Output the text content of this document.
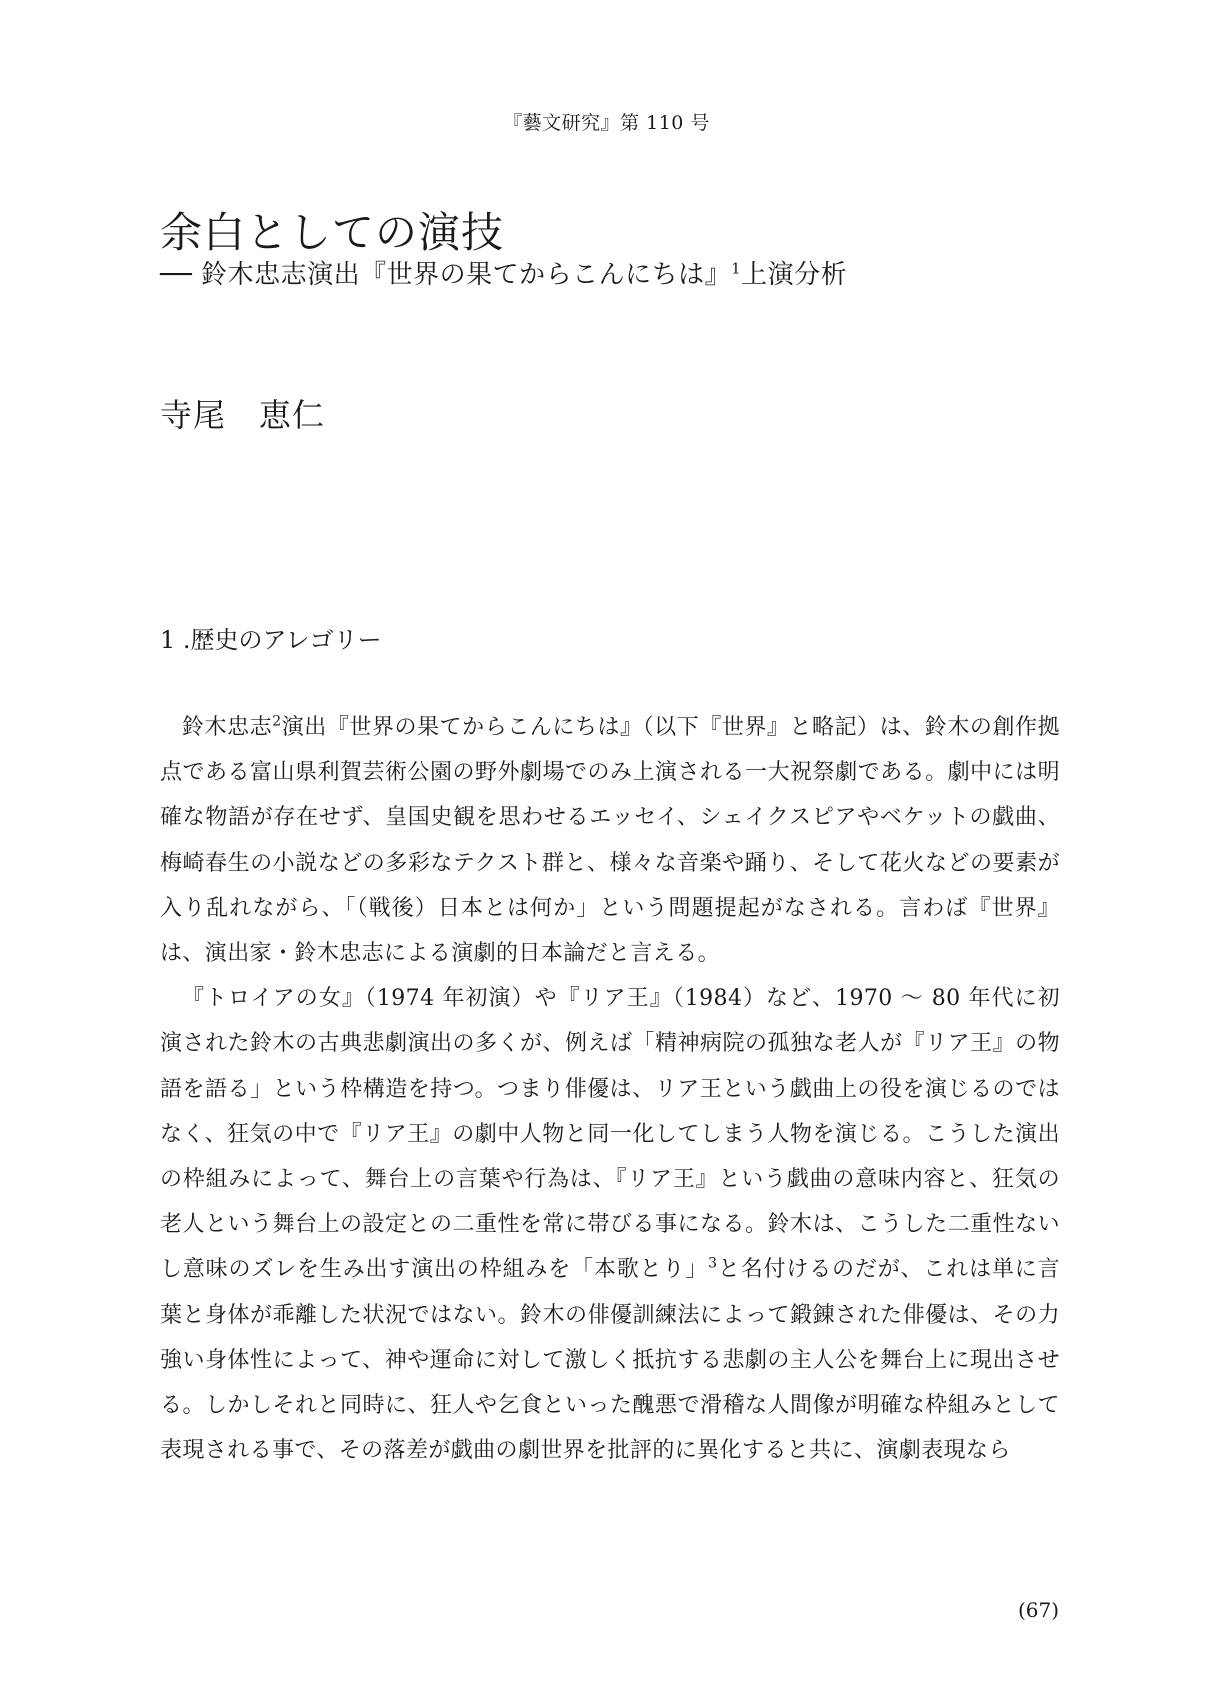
『藝文研究』第 110 号
余白としての演技
── 鈴木忠志演出『世界の果てからこんにちは』$^1$上演分析
寺尾　恵仁
1 .歴史のアレゴリー

鈴木忠志$^2$演出『世界の果てからこんにちは』（以下『世界』と略記）は、鈴木の創作拠点である富山県利賀芸術公園の野外劇場でのみ上演される一大祝祭劇である。劇中には明確な物語が存在せず、皇国史観を思わせるエッセイ、シェイクスピアやベケットの戯曲、梅崎春生の小説などの多彩なテクスト群と、様々な音楽や踊り、そして花火などの要素が入り乱れながら、「（戦後）日本とは何か」という問題提起がなされる。言わば『世界』は、演出家・鈴木忠志による演劇的日本論だと言える。

『トロイアの女』（1974 年初演）や『リア王』（1984）など、1970 ～ 80 年代に初演された鈴木の古典悲劇演出の多くが、例えば「精神病院の孤独な老人が『リア王』の物語を語る」という枠構造を持つ。つまり俳優は、リア王という戯曲上の役を演じるのではなく、狂気の中で『リア王』の劇中人物と同一化してしまう人物を演じる。こうした演出の枠組みによって、舞台上の言葉や行為は、『リア王』という戯曲の意味内容と、狂気の老人という舞台上の設定との二重性を常に帯びる事になる。鈴木は、こうした二重性ないし意味のズレを生み出す演出の枠組みを「本歌とり」$^3$と名付けるのだが、これは単に言葉と身体が乖離した状況ではない。鈴木の俳優訓練法によって鍛錬された俳優は、その力強い身体性によって、神や運命に対して激しく抵抗する悲劇の主人公を舞台上に現出させる。しかしそれと同時に、狂人や乞食といった醜悪で滑稽な人間像が明確な枠組みとして表現される事で、その落差が戯曲の劇世界を批評的に異化すると共に、演劇表現なら

(67)
